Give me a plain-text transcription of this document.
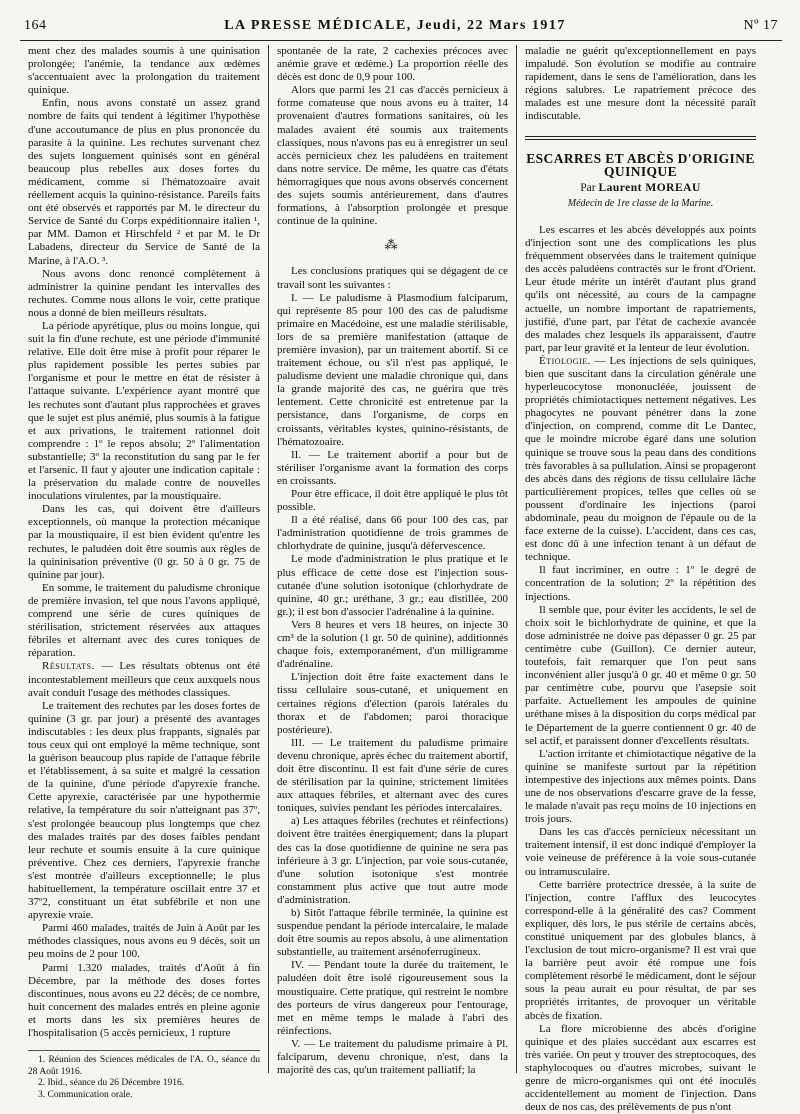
164	LA PRESSE MÉDICALE, Jeudi, 22 Mars 1917	Nº 17

ment chez des malades soumis à une quinisation prolongée; l'anémie, la tendance aux œdèmes s'accentuaient avec la prolongation du traitement quinique.

Enfin, nous avons constaté un assez grand nombre de faits qui tendent à légitimer l'hypothèse d'une accoutumance de plus en plus prononcée du parasite à la quinine. Les rechutes survenant chez des sujets longuement quinisés sont en général beaucoup plus rebelles aux doses fortes du médicament, comme si l'hématozoaire avait réellement acquis la quinino-résistance. Pareils faits ont été observés et rapportés par M. le directeur du Service de Santé du Corps expéditionnaire italien ¹, par MM. Damon et Hirschfeld ² et par M. le Dr Labadens, directeur du Service de Santé de la Marine, à l'A.O. ³.

Nous avons donc renoncé complètement à administrer la quinine pendant les intervalles des rechutes. Comme nous allons le voir, cette pratique nous a donné de bien meilleurs résultats.

La période apyrétique, plus ou moins longue, qui suit la fin d'une rechute, est une période d'immunité relative. Elle doit être mise à profit pour réparer le plus rapidement possible les pertes subies par l'organisme et pour le mettre en état de résister à l'attaque suivante. L'expérience ayant montré que les rechutes sont d'autant plus rapprochées et graves que le sujet est plus anémié, plus soumis à la fatigue et aux privations, le traitement rationnel doit comprendre : 1º le repos absolu; 2º l'alimentation substantielle; 3º la reconstitution du sang par le fer et l'arsenic. Il faut y ajouter une indication capitale : la préservation du malade contre de nouvelles inoculations virulentes, par la moustiquaire.

Dans les cas, qui doivent être d'ailleurs exceptionnels, où manque la protection mécanique par la moustiquaire, il est bien évident qu'entre les rechutes, le paludéen doit être soumis aux règles de la quininisation préventive (0 gr. 50 à 0 gr. 75 de quinine par jour).

En somme, le traitement du paludisme chronique de première invasion, tel que nous l'avons appliqué, comprend une série de cures quiniques de stérilisation, strictement réservées aux attaques fébriles et alternant avec des cures toniques de réparation.

Résultats. — Les résultats obtenus ont été incontestablement meilleurs que ceux auxquels nous avait conduit l'usage des méthodes classiques.

Le traitement des rechutes par les doses fortes de quinine (3 gr. par jour) a présenté des avantages indiscutables : les deux plus frappants, signalés par tous ceux qui ont employé la même technique, sont la guérison beaucoup plus rapide de l'attaque fébrile et l'établissement, à sa suite et malgré la cessation de la quinine, d'une période d'apyrexie franche. Cette apyrexie, caractérisée par une hypothermie relative, la température du soir n'atteignant pas 37º, s'est prolongée beaucoup plus longtemps que chez des malades traités par des doses faibles pendant leur rechute et soumis ensuite à la cure quinique préventive. Chez ces derniers, l'apyrexie franche s'est montrée d'ailleurs exceptionnelle; le plus habituellement, la température oscillait entre 37 et 37º2, constituant un état subfébrile et non une apyrexie vraie.

Parmi 460 malades, traités de Juin à Août par les méthodes classiques, nous avons eu 9 décès, soit un peu moins de 2 pour 100.

Parmi 1.320 malades, traités d'Août à fin Décembre, par la méthode des doses fortes discontinues, nous avons eu 22 décès; de ce nombre, huit concernent des malades entrés en pleine agonie et morts dans les six premières heures de l'hospitalisation (5 accès pernicieux, 1 rupture

1. Réunion des Sciences médicales de l'A. O., séance du 28 Août 1916.
2. Ibid., séance du 26 Décembre 1916.
3. Communication orale.

spontanée de la rate, 2 cachexies précoces avec anémie grave et œdème.) La proportion réelle des décès est donc de 0,9 pour 100.

Alors que parmi les 21 cas d'accès pernicieux à forme comateuse que nous avons eu à traiter, 14 provenaient d'autres formations sanitaires, où les malades avaient été soumis aux traitements classiques, nous n'avons pas eu à enregistrer un seul accès pernicieux chez les paludéens en traitement dans notre service. De même, les quatre cas d'états hémorragiques que nous avons observés concernent des sujets soumis antérieurement, dans d'autres formations, à l'absorption prolongée et presque continue de la quinine.

⁂

Les conclusions pratiques qui se dégagent de ce travail sont les suivantes :

I. — Le paludisme à Plasmodium falciparum, qui représente 85 pour 100 des cas de paludisme primaire en Macédoine, est une maladie stérilisable, lors de sa première manifestation (attaque de première invasion), par un traitement abortif. Si ce traitement échoue, ou s'il n'est pas appliqué, le paludisme devient une maladie chronique qui, dans la grande majorité des cas, ne guérira que très lentement. Cette chronicité est entretenue par la persistance, dans l'organisme, de corps en croissants, véritables kystes, quinino-résistants, de l'hématozoaire.

II. — Le traitement abortif a pour but de stériliser l'organisme avant la formation des corps en croissants.

Pour être efficace, il doit être appliqué le plus tôt possible.

Il a été réalisé, dans 66 pour 100 des cas, par l'administration quotidienne de trois grammes de chlorhydrate de quinine, jusqu'à défervescence.

Le mode d'administration le plus pratique et le plus efficace de cette dose est l'injection sous-cutanée d'une solution isotonique (chlorhydrate de quinine, 40 gr.; uréthane, 3 gr.; eau distillée, 200 gr.); il est bon d'associer l'adrénaline à la quinine.

Vers 8 heures et vers 18 heures, on injecte 30 cm³ de la solution (1 gr. 50 de quinine), additionnés chaque fois, extemporanément, d'un milligramme d'adrénaline.

L'injection doit être faite exactement dans le tissu cellulaire sous-cutané, et uniquement en certaines régions d'élection (parois latérales du thorax et de l'abdomen; paroi thoracique postérieure).

III. — Le traitement du paludisme primaire devenu chronique, après échec du traitement abortif, doit être discontinu. Il est fait d'une série de cures de stérilisation par la quinine, strictement limitées aux attaques fébriles, et alternant avec des cures toniques, suivies pendant les périodes intercalaires.

a) Les attaques fébriles (rechutes et réinfections) doivent être traitées énergiquement; dans la plupart des cas la dose quotidienne de quinine ne sera pas inférieure à 3 gr. L'injection, par voie sous-cutanée, d'une solution isotonique s'est montrée constamment plus active que tout autre mode d'administration.

b) Sitôt l'attaque fébrile terminée, la quinine est suspendue pendant la période intercalaire, le malade doit être soumis au repos absolu, à une alimentation substantielle, au traitement arsénoferrugineux.

IV. — Pendant toute la durée du traitement, le paludéen doit être isolé rigoureusement sous la moustiquaire. Cette pratique, qui restreint le nombre des porteurs de virus dangereux pour l'entourage, met en même temps le malade à l'abri des réinfections.

V. — Le traitement du paludisme primaire à Pl. falciparum, devenu chronique, n'est, dans la majorité des cas, qu'un traitement palliatif; la

maladie ne guérit qu'exceptionnellement en pays impaludé. Son évolution se modifie au contraire rapidement, dans le sens de l'amélioration, dans les régions salubres. Le rapatriement précoce des malades est une mesure dont la nécessité paraît indiscutable.

ESCARRES ET ABCÈS D'ORIGINE QUINIQUE
Par Laurent MOREAU
Médecin de 1re classe de la Marine.

Les escarres et les abcès développés aux points d'injection sont une des complications les plus fréquemment observées dans le traitement quinique des accès paludéens contractés sur le front d'Orient. Leur étude mérite un intérêt d'autant plus grand qu'ils ont nécessité, au cours de la campagne actuelle, un nombre important de rapatriements, justifié, d'une part, par l'état de cachexie avancée des malades chez lesquels ils apparaissent, d'autre part, par leur gravité et la lenteur de leur évolution.

Étiologie. — Les injections de sels quiniques, bien que suscitant dans la circulation générale une hyperleucocytose mononucléée, jouissent de propriétés chimiotactiques nettement négatives. Les phagocytes ne pouvant pénétrer dans la zone d'injection, on comprend, comme dit Le Dantec, que le moindre microbe égaré dans une solution quinique se trouve sous la peau dans des conditions très favorables à sa pullulation. Ainsi se propageront des abcès dans des régions de tissu cellulaire lâche particulièrement propices, telles que celles où se poussent d'ordinaire les injections (paroi abdominale, peau du moignon de l'épaule ou de la face externe de la cuisse). L'accident, dans ces cas, est donc dû à une infection tenant à un défaut de technique.

Il faut incriminer, en outre : 1º le degré de concentration de la solution; 2º la répétition des injections.

Il semble que, pour éviter les accidents, le sel de choix soit le bichlorhydrate de quinine, et que la dose administrée ne doive pas dépasser 0 gr. 25 par centimètre cube (Guillon). Ce dernier auteur, toutefois, fait remarquer que l'on peut sans inconvénient aller jusqu'à 0 gr. 40 et même 0 gr. 50 par centimètre cube, pourvu que l'asepsie soit parfaite. Actuellement les ampoules de quinine uréthane mises à la disposition du corps médical par le Département de la guerre contiennent 0 gr. 40 de sel actif, et paraissent donner d'excellents résultats.

L'action irritante et chimiotactique négative de la quinine se manifeste surtout par la répétition intempestive des injections aux mêmes points. Dans une de nos observations d'escarre grave de la fesse, le malade n'avait pas reçu moins de 10 injections en trois jours.

Dans les cas d'accès pernicieux nécessitant un traitement intensif, il est donc indiqué d'employer la voie veineuse de préférence à la voie sous-cutanée ou intramusculaire.

Cette barrière protectrice dressée, à la suite de l'injection, contre l'afflux des leucocytes correspond-elle à la généralité des cas? Comment expliquer, dès lors, le pus stérile de certains abcès, constitué uniquement par des globules blancs, à l'exclusion de tout micro-organisme? Il est vrai que la barrière peut avoir été rompue une fois complètement résorbé le médicament, dont le séjour sous la peau aurait eu pour résultat, de par ses propriétés irritantes, de provoquer un véritable abcès de fixation.

La flore microbienne des abcès d'origine quinique et des plaies succédant aux escarres est très variée. On peut y trouver des streptocoques, des staphylocoques ou d'autres microbes, suivant le genre de micro-organismes qui ont été inoculés accidentellement au moment de l'injection. Dans deux de nos cas, des prélèvements de pus n'ont
